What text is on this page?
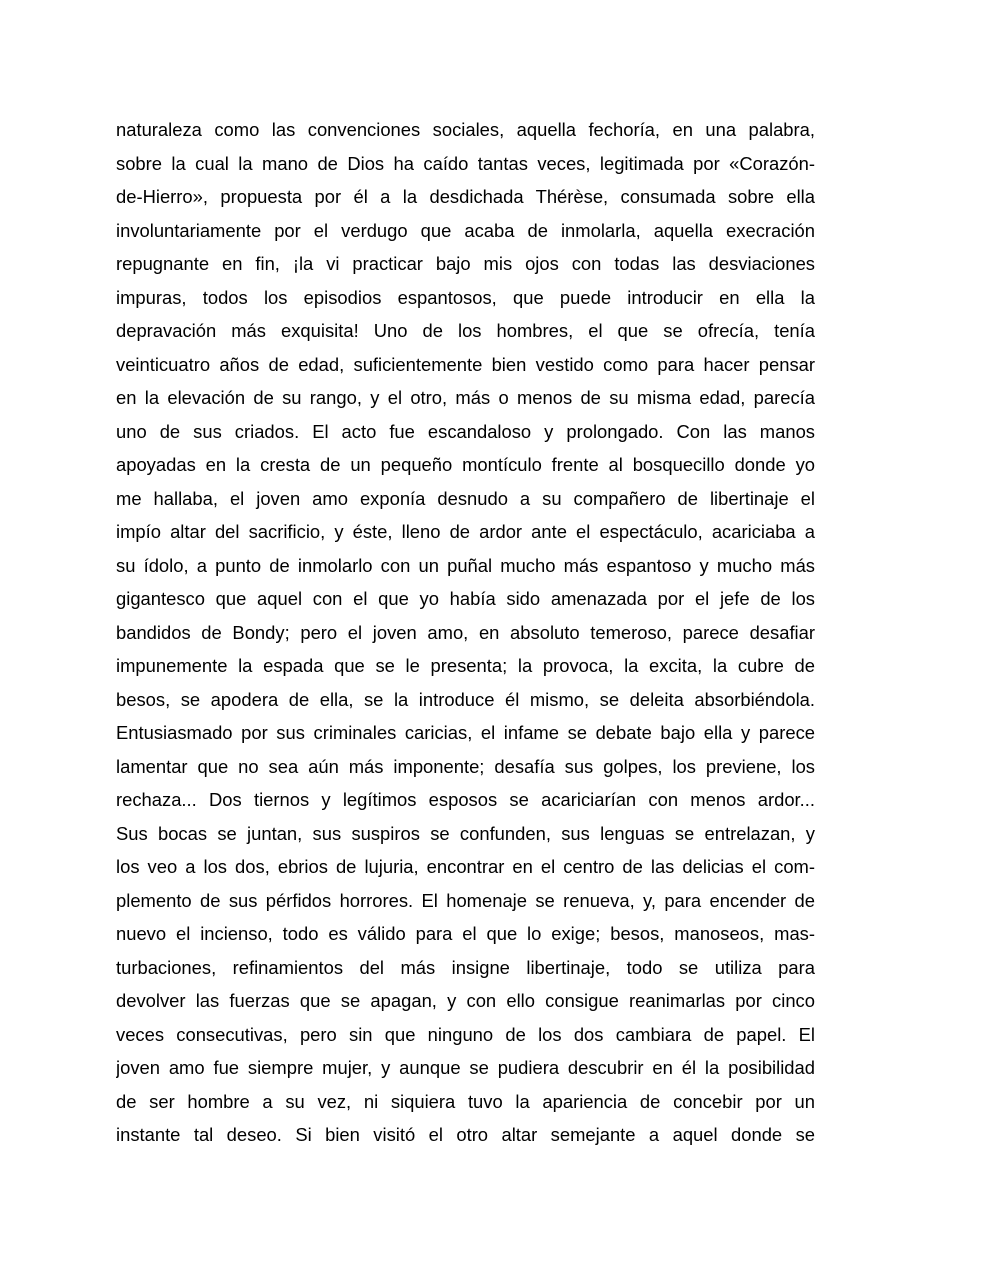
naturaleza como las convenciones sociales, aquella fechoría, en una palabra,
sobre la cual la mano de Dios ha caído tantas veces, legitimada por «Corazón-
de-Hierro», propuesta por él a la desdichada Thérèse, consumada sobre ella
involuntariamente por el verdugo que acaba de inmolarla, aquella execración
repugnante en fin, ¡la vi practicar bajo mis ojos con todas las desviaciones
impuras, todos los episodios espantosos, que puede introducir en ella la
depravación más exquisita! Uno de los hombres, el que se ofrecía, tenía
veinticuatro años de edad, suficientemente bien vestido como para hacer pensar
en la elevación de su rango, y el otro, más o menos de su misma edad, parecía
uno de sus criados. El acto fue escandaloso y prolongado. Con las manos
apoyadas en la cresta de un pequeño montículo frente al bosquecillo donde yo
me hallaba, el joven amo exponía desnudo a su compañero de libertinaje el
impío altar del sacrificio, y éste, lleno de ardor ante el espectáculo, acariciaba a
su ídolo, a punto de inmolarlo con un puñal mucho más espantoso y mucho más
gigantesco que aquel con el que yo había sido amenazada por el jefe de los
bandidos de Bondy; pero el joven amo, en absoluto temeroso, parece desafiar
impunemente la espada que se le presenta; la provoca, la excita, la cubre de
besos, se apodera de ella, se la introduce él mismo, se deleita absorbiéndola.
Entusiasmado por sus criminales caricias, el infame se debate bajo ella y parece
lamentar que no sea aún más imponente; desafía sus golpes, los previene, los
rechaza... Dos tiernos y legítimos esposos se acariciarían con menos ardor...
Sus bocas se juntan, sus suspiros se confunden, sus lenguas se entrelazan, y
los veo a los dos, ebrios de lujuria, encontrar en el centro de las delicias el com-
plemento de sus pérfidos horrores. El homenaje se renueva, y, para encender de
nuevo el incienso, todo es válido para el que lo exige; besos, manoseos, mas-
turbaciones, refinamientos del más insigne libertinaje, todo se utiliza para
devolver las fuerzas que se apagan, y con ello consigue reanimarlas por cinco
veces consecutivas, pero sin que ninguno de los dos cambiara de papel. El
joven amo fue siempre mujer, y aunque se pudiera descubrir en él la posibilidad
de ser hombre a su vez, ni siquiera tuvo la apariencia de concebir por un
instante tal deseo. Si bien visitó el otro altar semejante a aquel donde se
